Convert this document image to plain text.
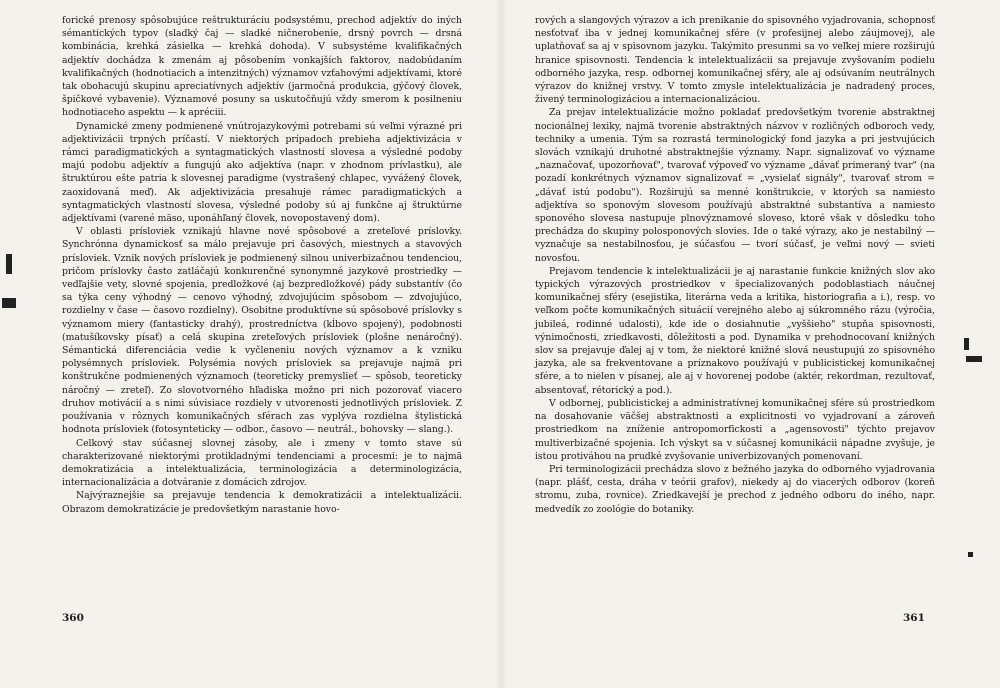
forické prenosy spôsobujúce reštrukturáciu podsystému, prechod adjektív do iných sémantických typov (sladký čaj — sladké ničnerobenie, drsný povrch — drsná kombinácia, krehká zásielka — krehká dohoda). V subsystéme kvalifikačných adjektív dochádza k zmenám aj pôsobením vonkajších faktorov, nadobúdaním kvalifikačných (hodnotiacich a intenzitných) významov vzťahovými adjektívami, ktoré tak obohacujú skupinu apreciatívnych adjektív (jarmočná produkcia, gýčový človek, špičkové vybavenie). Významové posuny sa uskutočňujú vždy smerom k posilneniu hodnotiaceho aspektu — k apréciii.

Dynamické zmeny podmienené vnútrojazykovými potrebami sú veľmi výrazné pri adjektivizácii trpných príčastí. V niektorých prípadoch prebieha adjektivizácia v rámci paradigmatických a syntagmatických vlastností slovesa a výsledné podoby majú podobu adjektív a fungujú ako adjektíva (napr. v zhodnom prívlastku), ale štruktúrou ešte patria k slovesnej paradigme (vystrašený chlapec, vyvážený človek, zaoxidovaná meď). Ak adjektivizácia presahuje rámec paradigmatických a syntagmatických vlastností slovesa, výsledné podoby sú aj funkčne aj štruktúrne adjektívami (varené mäso, uponáhľaný človek, novopostavený dom).

V oblasti prísloviek vznikajú hlavne nové spôsobové a zreteľové príslovky. Synchrónna dynamickosť sa málo prejavuje pri časových, miestnych a stavových prísloviek. Vznik nových prísloviek je podmienený silnou univerbizačnou tendenciou, pričom príslovky často zatláčajú konkurenčné synonymné jazykové prostriedky — vedľajšie vety, slovné spojenia, predložkové (aj bezpredložkové) pády substantív (čo sa týka ceny výhodný — cenovo výhodný, zdvojujúcim spôsobom — zdvojujúco, rozdielny v čase — časovo rozdielny). Osobitne produktívne sú spôsobové príslovky s významom miery (fantasticky drahý), prostredníctva (kĺbovo spojený), podobnosti (matušíkovsky písať) a celá skupina zreteľových prísloviek (plošne nenáročný). Sémantická diferenciácia vedie k vyčleneniu nových významov a k vzniku polysémnych prísloviek. Polysémia nových prísloviek sa prejavuje najmä pri konštrukčne podmienených významoch (teoreticky premyslieť — spôsob, teoreticky náročný — zreteľ). Zo slovotvorného hľadiska možno pri nich pozorovať viacero druhov motivácií a s nimi súvisiace rozdiely v utvorenosti jednotlivých prísloviek. Z používania v rôznych komunikačných sférach zas vyplýva rozdielna štylistická hodnota prísloviek (fotosynteticky — odbor., časovo — neutrál., bohovsky — slang.).

Celkový stav súčasnej slovnej zásoby, ale i zmeny v tomto stave sú charakterizované niektorými protikladnými tendenciami a procesmi: je to najmä demokratizácia a intelektualizácia, terminologizácia a determinologizácia, internacionalizácia a dotváranie z domácich zdrojov.

Najvýraznejšie sa prejavuje tendencia k demokratizácii a intelektualizácii. Obrazom demokratizácie je predovšetkým narastanie hovo-

360

rových a slangových výrazov a ich prenikanie do spisovného vyjadrovania, schopnosť nesťotvať iba v jednej komunikačnej sfére (v profesijnej alebo záujmovej), ale uplatňovať sa aj v spisovnom jazyku. Takýmito presunmi sa vo veľkej miere rozširujú hranice spisovnosti. Tendencia k intelektualizácii sa prejavuje zvyšovaním podielu odborného jazyka, resp. odbornej komunikačnej sféry, ale aj odsúvaním neutrálnych výrazov do knižnej vrstvy. V tomto zmysle intelektualizácia je nadradený proces, živený terminologizáciou a internacionalizáciou.

Za prejav intelektualizácie možno pokladať predovšetkým tvorenie abstraktnej nocionálnej lexiky, najmä tvorenie abstraktných názvov v rozličných odboroch vedy, techniky a umenia. Tým sa rozrastá terminologický fond jazyka a pri jestvujúcich slovách vznikajú druhotné abstraktnejšie významy. Napr. signalizovať vo význame „naznačovať, upozorňovať", tvarovať výpoveď vo význame „dávať primeraný tvar" (na pozadí konkrétnych významov signalizovať = „vysielať signály", tvarovať strom = „dávať istú podobu"). Rozširujú sa menné konštrukcie, v ktorých sa namiesto adjektíva so sponovým slovesom používajú abstraktné substantíva a namiesto sponového slovesa nastupuje plnovýznamové sloveso, ktoré však v dôsledku toho prechádza do skupiny polosponových slovies. Ide o také výrazy, ako je nestabilný — vyznačuje sa nestabilnosťou, je súčasťou — tvorí súčasť, je veľmi nový — svieti novosťou.

Prejavom tendencie k intelektualizácii je aj narastanie funkcie knižných slov ako typických výrazových prostriedkov v špecializovaných podoblastiach náučnej komunikačnej sféry (esejistika, literárna veda a kritika, historiografia a i.), resp. vo veľkom počte komunikačných situácií verejného alebo aj súkromného rázu (výročia, jubileá, rodinné udalosti), kde ide o dosiahnutie „vyššieho" stupňa spisovnosti, výnimočnosti, zriedkavosti, dôležitosti a pod. Dynamika v prehodnocovaní knižných slov sa prejavuje ďalej aj v tom, že niektoré knižné slová neustupujú zo spisovného jazyka, ale sa frekventovane a príznakovo používajú v publicistickej komunikačnej sfére, a to nielen v písanej, ale aj v hovorenej podobe (aktér, rekordman, rezultovať, absentovať, rétorický a pod.).

V odbornej, publicistickej a administratívnej komunikačnej sfére sú prostriedkom na dosahovanie väčšej abstraktnosti a explicitnosti vo vyjadrovaní a zároveň prostriedkom na zníženie antropomorfickosti a „agensovosti" týchto prejavov multiverbizačné spojenia. Ich výskyt sa v súčasnej komunikácii nápadne zvyšuje, je istou protiváhou na prudké zvyšovanie univerbizovaných pomenovaní.

Pri terminologizácii prechádza slovo z bežného jazyka do odborného vyjadrovania (napr. plášť, cesta, dráha v teórii grafov), niekedy aj do viacerých odborov (koreň stromu, zuba, rovnice). Zriedkavejší je prechod z jedného odboru do iného, napr. medvedík zo zoológie do botaniky.

361
